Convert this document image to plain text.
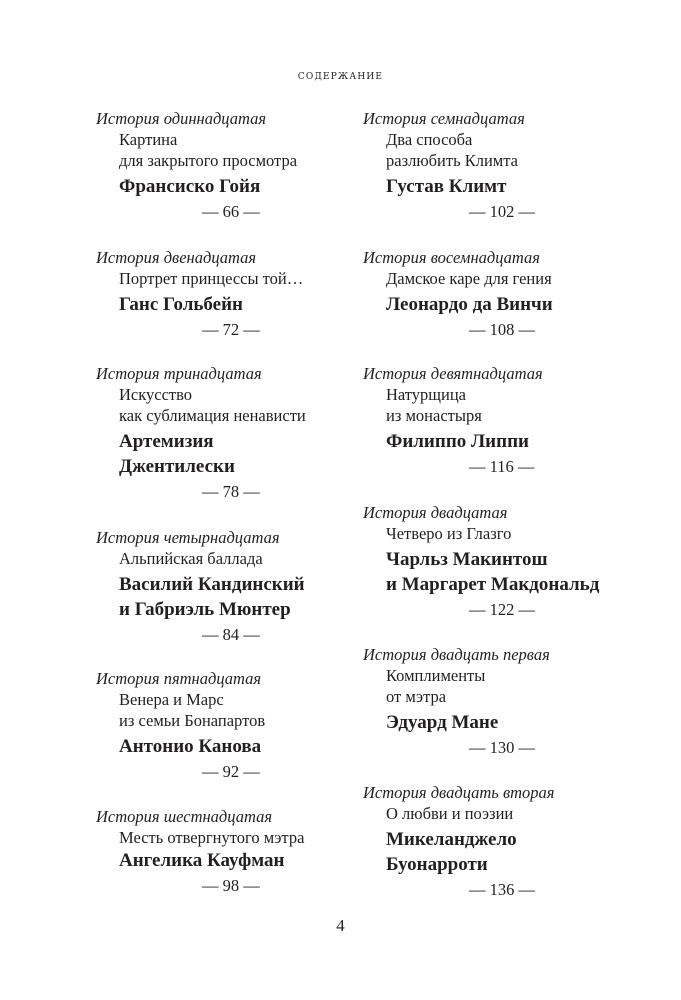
содержание
История одиннадцатая
Картина
для закрытого просмотра
Франсиско Гойя
— 66 —
История двенадцатая
Портрет принцессы той…
Ганс Гольбейн
— 72 —
История тринадцатая
Искусство
как сублимация ненависти
Артемизия
Джентилески
— 78 —
История четырнадцатая
Альпийская баллада
Василий Кандинский
и Габриэль Мюнтер
— 84 —
История пятнадцатая
Венера и Марс
из семьи Бонапартов
Антонио Канова
— 92 —
История шестнадцатая
Месть отвергнутого мэтра
Ангелика Кауфман
— 98 —
История семнадцатая
Два способа
разлюбить Климта
Густав Климт
— 102 —
История восемнадцатая
Дамское каре для гения
Леонардо да Винчи
— 108 —
История девятнадцатая
Натурщица
из монастыря
Филиппо Липпи
— 116 —
История двадцатая
Четверо из Глазго
Чарльз Макинтош
и Маргарет Макдональд
— 122 —
История двадцать первая
Комплименты
от мэтра
Эдуард Мане
— 130 —
История двадцать вторая
О любви и поэзии
Микеланджело
Буонарроти
— 136 —
4
